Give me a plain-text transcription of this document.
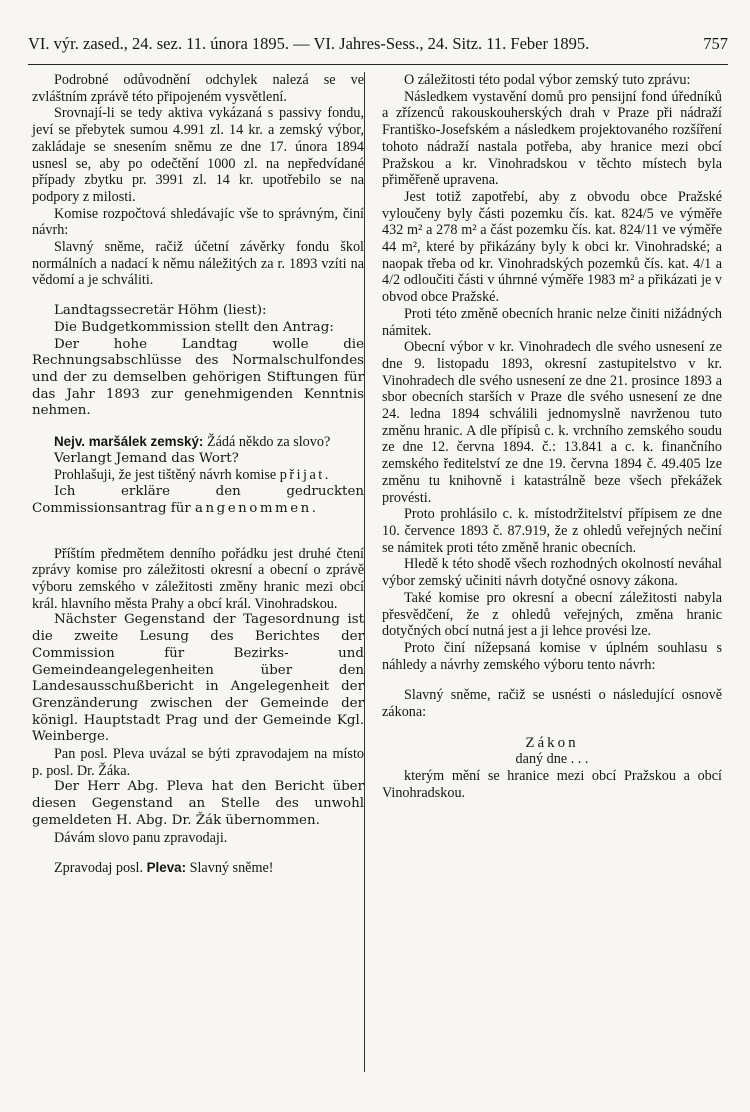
VI. výr. zased., 24. sez. 11. února 1895. — VI. Jahres-Sess., 24. Sitz. 11. Feber 1895.	757

Podrobné odůvodnění odchylek nalezá se ve zvláštním zprávě této připojeném vysvětlení.

Srovnají-li se tedy aktiva vykázaná s passivy fondu, jeví se přebytek sumou 4.991 zl. 14 kr. a zemský výbor, zakládaje se snesením sněmu ze dne 17. února 1894 usnesl se, aby po odečtění 1000 zl. na nepředvídané případy zbytku pr. 3991 zl. 14 kr. upotřebilo se na podpory z milosti.

Komise rozpočtová shledávajíc vše to správným, činí návrh:

Slavný sněme, račiž účetní závěrky fondu škol normálních a nadací k němu náležitých za r. 1893 vzíti na vědomí a je schváliti.

Landtagssecretär Höhm (liest):

Die Budgetkommission stellt den Antrag:

Der hohe Landtag wolle die Rechnungsabschlüsse des Normalschulfondes und der zu demselben gehörigen Stiftungen für das Jahr 1893 zur genehmigenden Kenntnis nehmen.

Nejv. maršálek zemský: Žádá někdo za slovo?

Verlangt Jemand das Wort?

Prohlašuji, že jest tištěný návrh komise přijat.

Ich erkläre den gedruckten Commissionsantrag für angenommen.

Příštím předmětem denního pořádku jest druhé čtení zprávy komise pro záležitosti okresní a obecní o zprávě výboru zemského v záležitosti změny hranic mezi obcí král. hlavního města Prahy a obcí král. Vinohradskou.

Nächster Gegenstand der Tagesordnung ist die zweite Lesung des Berichtes der Commission für Bezirks- und Gemeindeangelegenheiten über den Landesausschußbericht in Angelegenheit der Grenzänderung zwischen der Gemeinde der königl. Hauptstadt Prag und der Gemeinde Kgl. Weinberge.

Pan posl. Pleva uvázal se býti zpravodajem na místo p. posl. Dr. Žáka.

Der Herr Abg. Pleva hat den Bericht über diesen Gegenstand an Stelle des unwohl gemeldeten H. Abg. Dr. Žák übernommen.

Dávám slovo panu zpravodaji.

Zpravodaj posl. Pleva: Slavný sněme!

O záležitosti této podal výbor zemský tuto zprávu:

Následkem vystavění domů pro pensijní fond úředníků a zřízenců rakouskouherských drah v Praze při nádraží Františko-Josefském a následkem projektovaného rozšíření tohoto nádraží nastala potřeba, aby hranice mezi obcí Pražskou a kr. Vinohradskou v těchto místech byla přiměřeně upravena.

Jest totiž zapotřebí, aby z obvodu obce Pražské vyloučeny byly části pozemku čís. kat. 824/5 ve výměře 432 m² a 278 m² a část pozemku čís. kat. 824/11 ve výměře 44 m², které by přikázány byly k obci kr. Vinohradské; a naopak třeba od kr. Vinohradských pozemků čís. kat. 4/1 a 4/2 odloučiti části v úhrnné výměře 1983 m² a přikázati je v obvod obce Pražské.

Proti této změně obecních hranic nelze činiti nižádných námitek.

Obecní výbor v kr. Vinohradech dle svého usnesení ze dne 9. listopadu 1893, okresní zastupitelstvo v kr. Vinohradech dle svého usnesení ze dne 21. prosince 1893 a sbor obecních starších v Praze dle svého usnesení ze dne 24. ledna 1894 schválili jednomyslně navrženou tuto změnu hranic. A dle přípisů c. k. vrchního zemského soudu ze dne 12. června 1894. č.: 13.841 a c. k. finančního zemského ředitelství ze dne 19. června 1894 č. 49.405 lze změnu tu knihovně i katastrálně beze všech překážek provésti.

Proto prohlásilo c. k. místodržitelství přípisem ze dne 10. července 1893 č. 87.919, že z ohledů veřejných nečiní se námitek proti této změně hranic obecních.

Hledě k této shodě všech rozhodných okolností neváhal výbor zemský učiniti návrh dotyčné osnovy zákona.

Také komise pro okresní a obecní záležitosti nabyla přesvědčení, že z ohledů veřejných, změna hranic dotyčných obcí nutná jest a ji lehce provési lze.

Proto činí nížepsaná komise v úplném souhlasu s náhledy a návrhy zemského výboru tento návrh:

Slavný sněme, račiž se usnésti o následující osnově zákona:

Zákon

daný dne . . .

kterým mění se hranice mezi obcí Pražskou a obcí Vinohradskou.
